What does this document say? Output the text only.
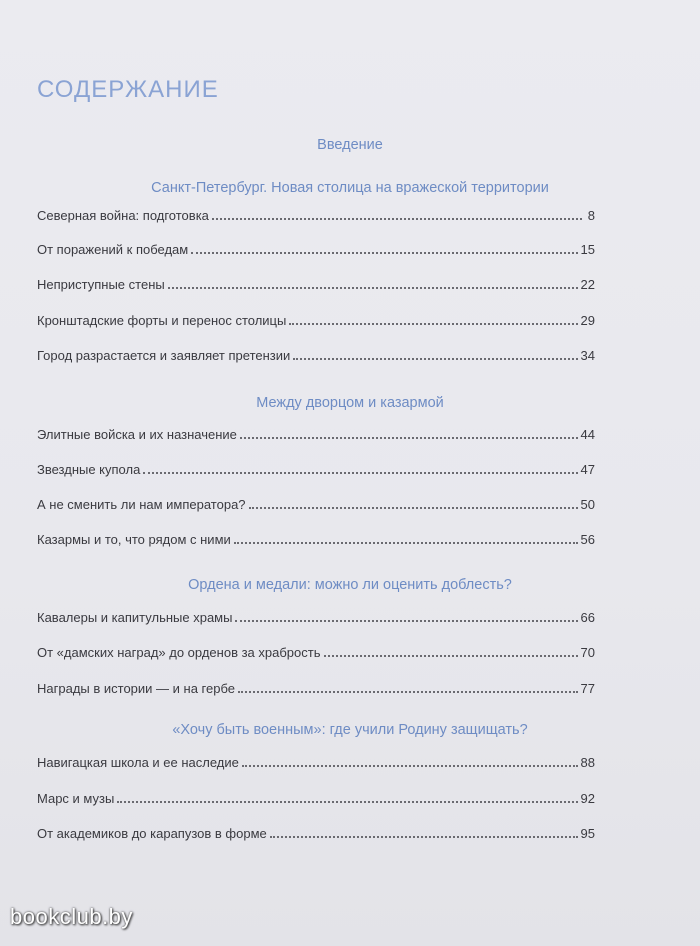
СОДЕРЖАНИЕ
Введение
Санкт-Петербург. Новая столица на вражеской территории
Северная война: подготовка	8
От поражений к победам	15
Неприступные стены	22
Кронштадские форты и перенос столицы	29
Город разрастается и заявляет претензии	34
Между дворцом и казармой
Элитные войска и их назначение	44
Звездные купола	47
А не сменить ли нам императора?	50
Казармы и то, что рядом с ними	56
Ордена и медали: можно ли оценить доблесть?
Кавалеры и капитульные храмы	66
От «дамских наград» до орденов за храбрость	70
Награды в истории — и на гербе	77
«Хочу быть военным»: где учили Родину защищать?
Навигацкая школа и ее наследие	88
Марс и музы	92
От академиков до карапузов в форме	95
bookclub.by
